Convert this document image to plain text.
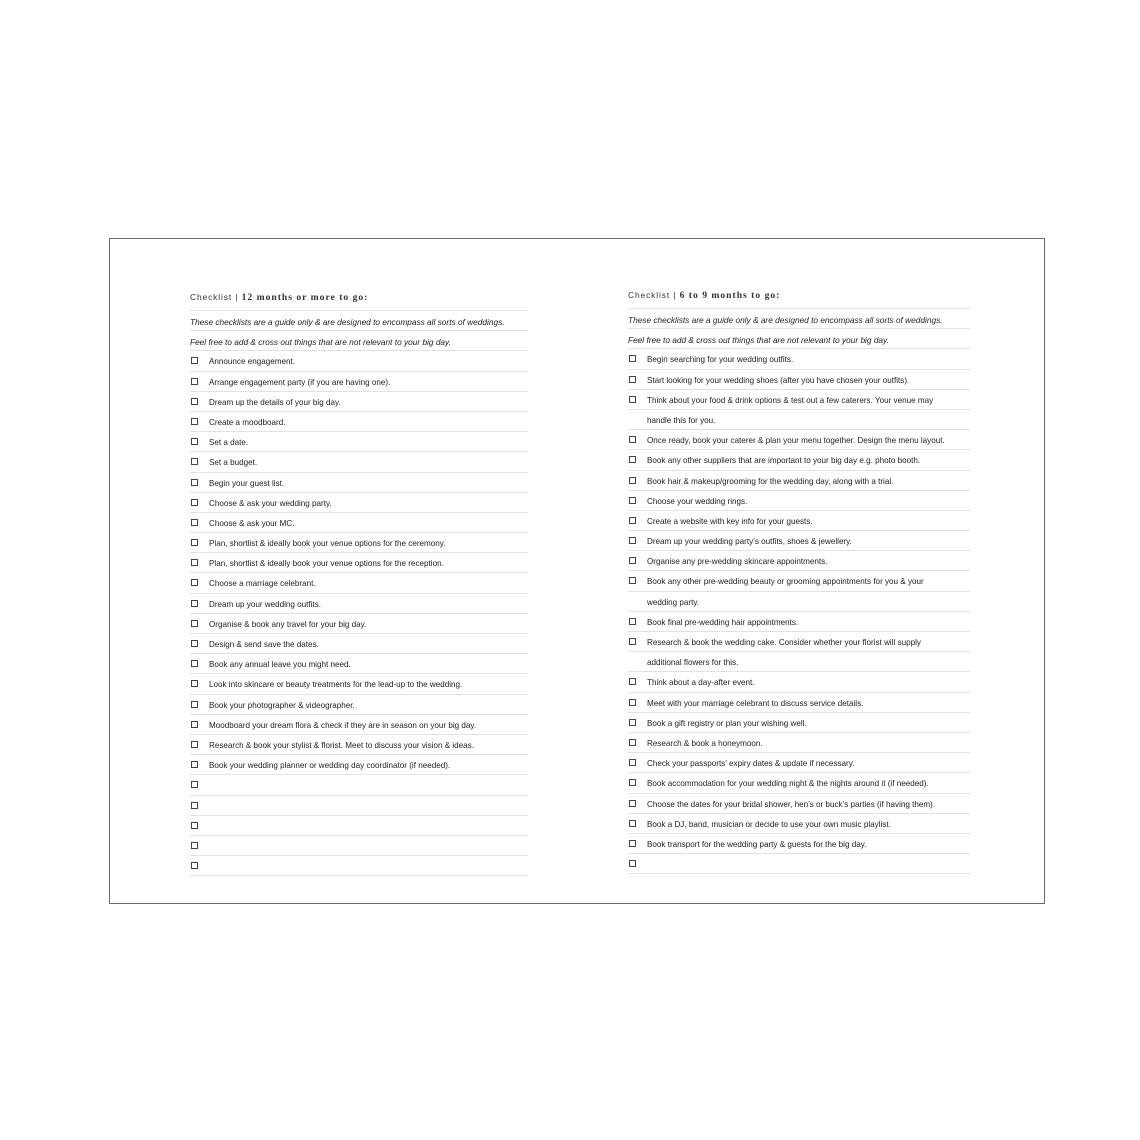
Checklist | 12 months or more to go:
These checklists are a guide only & are designed to encompass all sorts of weddings.
Feel free to add & cross out things that are not relevant to your big day.
Announce engagement.
Arrange engagement party (if you are having one).
Dream up the details of your big day.
Create a moodboard.
Set a date.
Set a budget.
Begin your guest list.
Choose & ask your wedding party.
Choose & ask your MC.
Plan, shortlist & ideally book your venue options for the ceremony.
Plan, shortlist & ideally book your venue options for the reception.
Choose a marriage celebrant.
Dream up your wedding outfits.
Organise & book any travel for your big day.
Design & send save the dates.
Book any annual leave you might need.
Look into skincare or beauty treatments for the lead-up to the wedding.
Book your photographer & videographer.
Moodboard your dream flora & check if they are in season on your big day.
Research & book your stylist & florist. Meet to discuss your vision & ideas.
Book your wedding planner or wedding day coordinator (if needed).
Checklist | 6 to 9 months to go:
These checklists are a guide only & are designed to encompass all sorts of weddings.
Feel free to add & cross out things that are not relevant to your big day.
Begin searching for your wedding outfits.
Start looking for your wedding shoes (after you have chosen your outfits).
Think about your food & drink options & test out a few caterers. Your venue may
handle this for you.
Once ready, book your caterer & plan your menu together. Design the menu layout.
Book any other suppliers that are important to your big day e.g. photo booth.
Book hair & makeup/grooming for the wedding day, along with a trial.
Choose your wedding rings.
Create a website with key info for your guests.
Dream up your wedding party’s outfits, shoes & jewellery.
Organise any pre-wedding skincare appointments.
Book any other pre-wedding beauty or grooming appointments for you & your
wedding party.
Book final pre-wedding hair appointments.
Research & book the wedding cake. Consider whether your florist will supply
additional flowers for this.
Think about a day-after event.
Meet with your marriage celebrant to discuss service details.
Book a gift registry or plan your wishing well.
Research & book a honeymoon.
Check your passports’ expiry dates & update if necessary.
Book accommodation for your wedding night & the nights around it (if needed).
Choose the dates for your bridal shower, hen’s or buck’s parties (if having them).
Book a DJ, band, musician or decide to use your own music playlist.
Book transport for the wedding party & guests for the big day.
